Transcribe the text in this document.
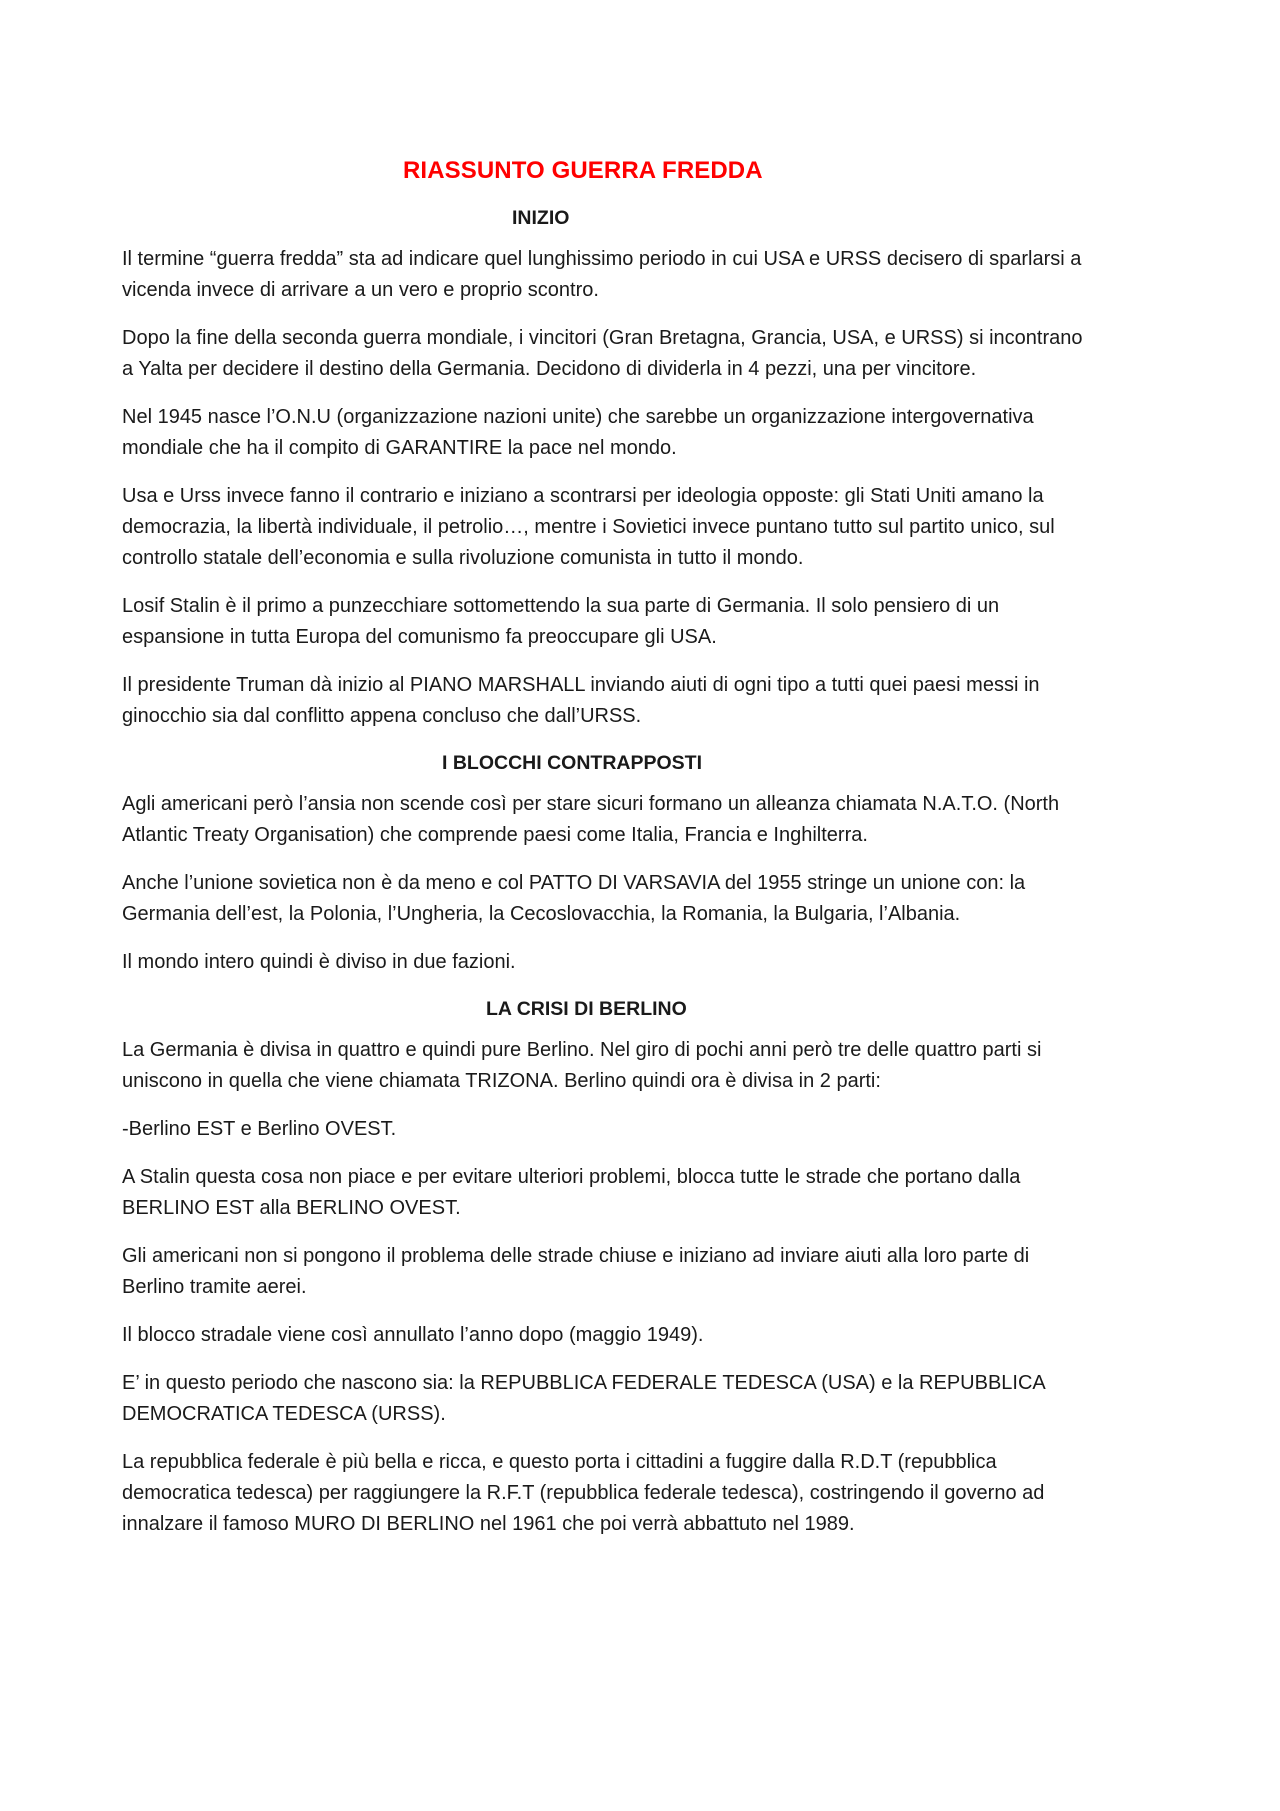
RIASSUNTO GUERRA FREDDA
INIZIO

Il termine “guerra fredda” sta ad indicare quel lunghissimo periodo in cui USA e URSS decisero di sparlarsi a
vicenda invece di arrivare a un vero e proprio scontro.

Dopo la fine della seconda guerra mondiale, i vincitori (Gran Bretagna, Grancia, USA, e URSS) si incontrano
a Yalta per decidere il destino della Germania. Decidono di dividerla in 4 pezzi, una per vincitore.

Nel 1945 nasce l’O.N.U (organizzazione nazioni unite) che sarebbe un organizzazione intergovernativa
mondiale che ha il compito di GARANTIRE la pace nel mondo.

Usa e Urss invece fanno il contrario e iniziano a scontrarsi per ideologia opposte: gli Stati Uniti amano la
democrazia, la libertà individuale, il petrolio…, mentre i Sovietici invece puntano tutto sul partito unico, sul
controllo statale dell’economia e sulla rivoluzione comunista in tutto il mondo.

Losif Stalin è il primo a punzecchiare sottomettendo la sua parte di Germania. Il solo pensiero di un
espansione in tutta Europa del comunismo fa preoccupare gli USA.

Il presidente Truman dà inizio al PIANO MARSHALL inviando aiuti di ogni tipo a tutti quei paesi messi in
ginocchio sia dal conflitto appena concluso che dall’URSS.

I BLOCCHI CONTRAPPOSTI

Agli americani però l’ansia non scende così per stare sicuri formano un alleanza chiamata N.A.T.O. (North
Atlantic Treaty Organisation) che comprende paesi come Italia, Francia e Inghilterra.

Anche l’unione sovietica non è da meno e col PATTO DI VARSAVIA del 1955 stringe un unione con: la
Germania dell’est, la Polonia, l’Ungheria, la Cecoslovacchia, la Romania, la Bulgaria, l’Albania.

Il mondo intero quindi è diviso in due fazioni.

LA CRISI DI BERLINO

La Germania è divisa in quattro e quindi pure Berlino. Nel giro di pochi anni però tre delle quattro parti si
uniscono in quella che viene chiamata TRIZONA. Berlino quindi ora è divisa in 2 parti:

-Berlino EST e Berlino OVEST.

A Stalin questa cosa non piace e per evitare ulteriori problemi, blocca tutte le strade che portano dalla
BERLINO EST alla BERLINO OVEST.

Gli americani non si pongono il problema delle strade chiuse e iniziano ad inviare aiuti alla loro parte di
Berlino tramite aerei.

Il blocco stradale viene così annullato l’anno dopo (maggio 1949).

E’ in questo periodo che nascono sia: la REPUBBLICA FEDERALE TEDESCA (USA) e la REPUBBLICA
DEMOCRATICA TEDESCA (URSS).

La repubblica federale è più bella e ricca, e questo porta i cittadini a fuggire dalla R.D.T (repubblica
democratica tedesca) per raggiungere la R.F.T (repubblica federale tedesca), costringendo il governo ad
innalzare il famoso MURO DI BERLINO nel 1961 che poi verrà abbattuto nel 1989.
